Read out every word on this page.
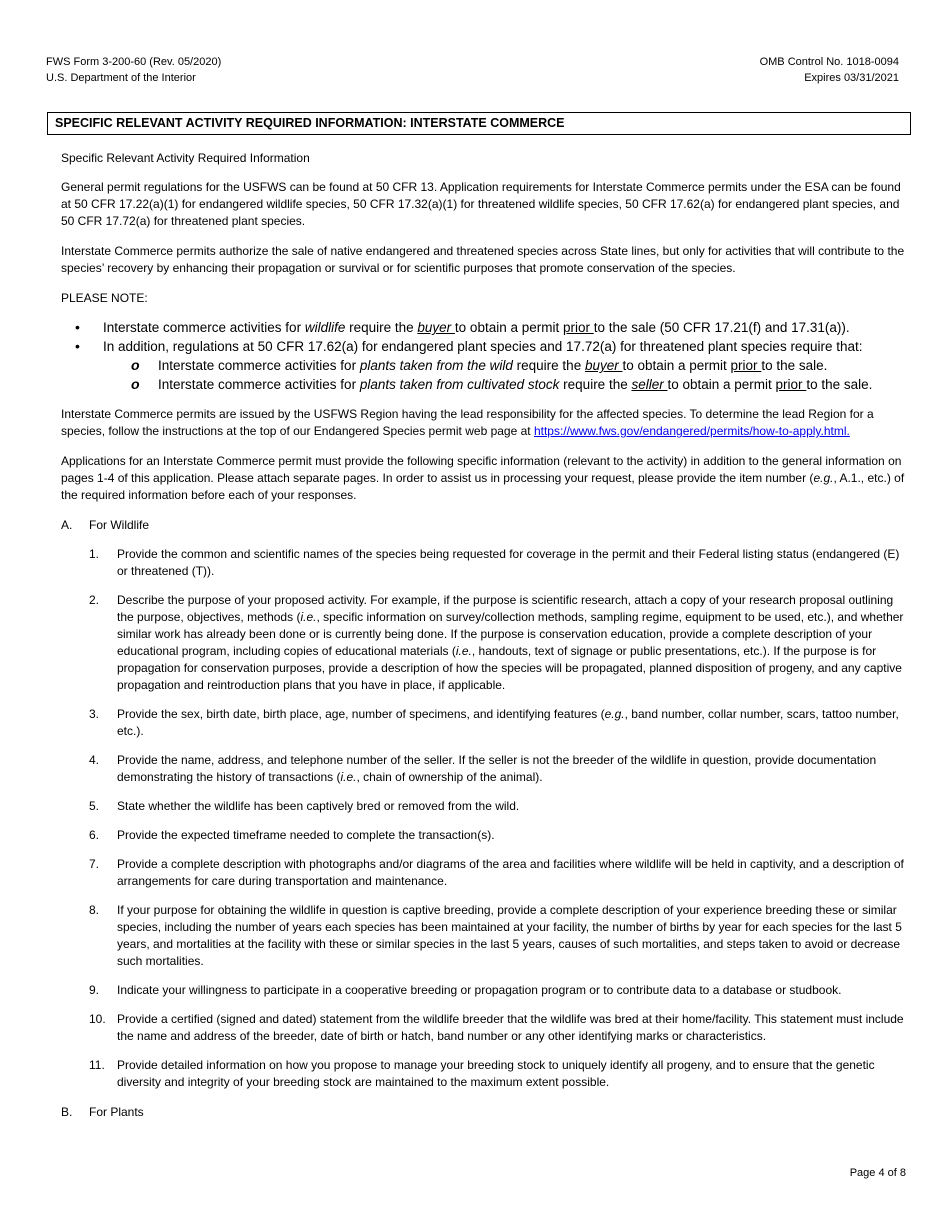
FWS Form 3-200-60 (Rev. 05/2020)
U.S. Department of the Interior
OMB Control No. 1018-0094
Expires 03/31/2021
SPECIFIC RELEVANT ACTIVITY REQUIRED INFORMATION: INTERSTATE COMMERCE

Specific Relevant Activity Required Information

General permit regulations for the USFWS can be found at 50 CFR 13. Application requirements for Interstate Commerce permits under the ESA can be found at 50 CFR 17.22(a)(1) for endangered wildlife species, 50 CFR 17.32(a)(1) for threatened wildlife species, 50 CFR 17.62(a) for endangered plant species, and 50 CFR 17.72(a) for threatened plant species.

Interstate Commerce permits authorize the sale of native endangered and threatened species across State lines, but only for activities that will contribute to the species’ recovery by enhancing their propagation or survival or for scientific purposes that promote conservation of the species.

PLEASE NOTE:

• Interstate commerce activities for wildlife require the buyer to obtain a permit prior to the sale (50 CFR 17.21(f) and 17.31(a)).
• In addition, regulations at 50 CFR 17.62(a) for endangered plant species and 17.72(a) for threatened plant species require that:
o Interstate commerce activities for plants taken from the wild require the buyer to obtain a permit prior to the sale.
o Interstate commerce activities for plants taken from cultivated stock require the seller to obtain a permit prior to the sale.

Interstate Commerce permits are issued by the USFWS Region having the lead responsibility for the affected species. To determine the lead Region for a species, follow the instructions at the top of our Endangered Species permit web page at https://www.fws.gov/endangered/permits/how-to-apply.html.

Applications for an Interstate Commerce permit must provide the following specific information (relevant to the activity) in addition to the general information on pages 1-4 of this application. Please attach separate pages. In order to assist us in processing your request, please provide the item number (e.g., A.1., etc.) of the required information before each of your responses.

A. For Wildlife
1. Provide the common and scientific names of the species being requested for coverage in the permit and their Federal listing status (endangered (E) or threatened (T)).
2. Describe the purpose of your proposed activity. For example, if the purpose is scientific research, attach a copy of your research proposal outlining the purpose, objectives, methods (i.e., specific information on survey/collection methods, sampling regime, equipment to be used, etc.), and whether similar work has already been done or is currently being done. If the purpose is conservation education, provide a complete description of your educational program, including copies of educational materials (i.e., handouts, text of signage or public presentations, etc.). If the purpose is for propagation for conservation purposes, provide a description of how the species will be propagated, planned disposition of progeny, and any captive propagation and reintroduction plans that you have in place, if applicable.
3. Provide the sex, birth date, birth place, age, number of specimens, and identifying features (e.g., band number, collar number, scars, tattoo number, etc.).
4. Provide the name, address, and telephone number of the seller. If the seller is not the breeder of the wildlife in question, provide documentation demonstrating the history of transactions (i.e., chain of ownership of the animal).
5. State whether the wildlife has been captively bred or removed from the wild.
6. Provide the expected timeframe needed to complete the transaction(s).
7. Provide a complete description with photographs and/or diagrams of the area and facilities where wildlife will be held in captivity, and a description of arrangements for care during transportation and maintenance.
8. If your purpose for obtaining the wildlife in question is captive breeding, provide a complete description of your experience breeding these or similar species, including the number of years each species has been maintained at your facility, the number of births by year for each species for the last 5 years, and mortalities at the facility with these or similar species in the last 5 years, causes of such mortalities, and steps taken to avoid or decrease such mortalities.
9. Indicate your willingness to participate in a cooperative breeding or propagation program or to contribute data to a database or studbook.
10. Provide a certified (signed and dated) statement from the wildlife breeder that the wildlife was bred at their home/facility. This statement must include the name and address of the breeder, date of birth or hatch, band number or any other identifying marks or characteristics.
11. Provide detailed information on how you propose to manage your breeding stock to uniquely identify all progeny, and to ensure that the genetic diversity and integrity of your breeding stock are maintained to the maximum extent possible.
B. For Plants
Page 4 of 8
